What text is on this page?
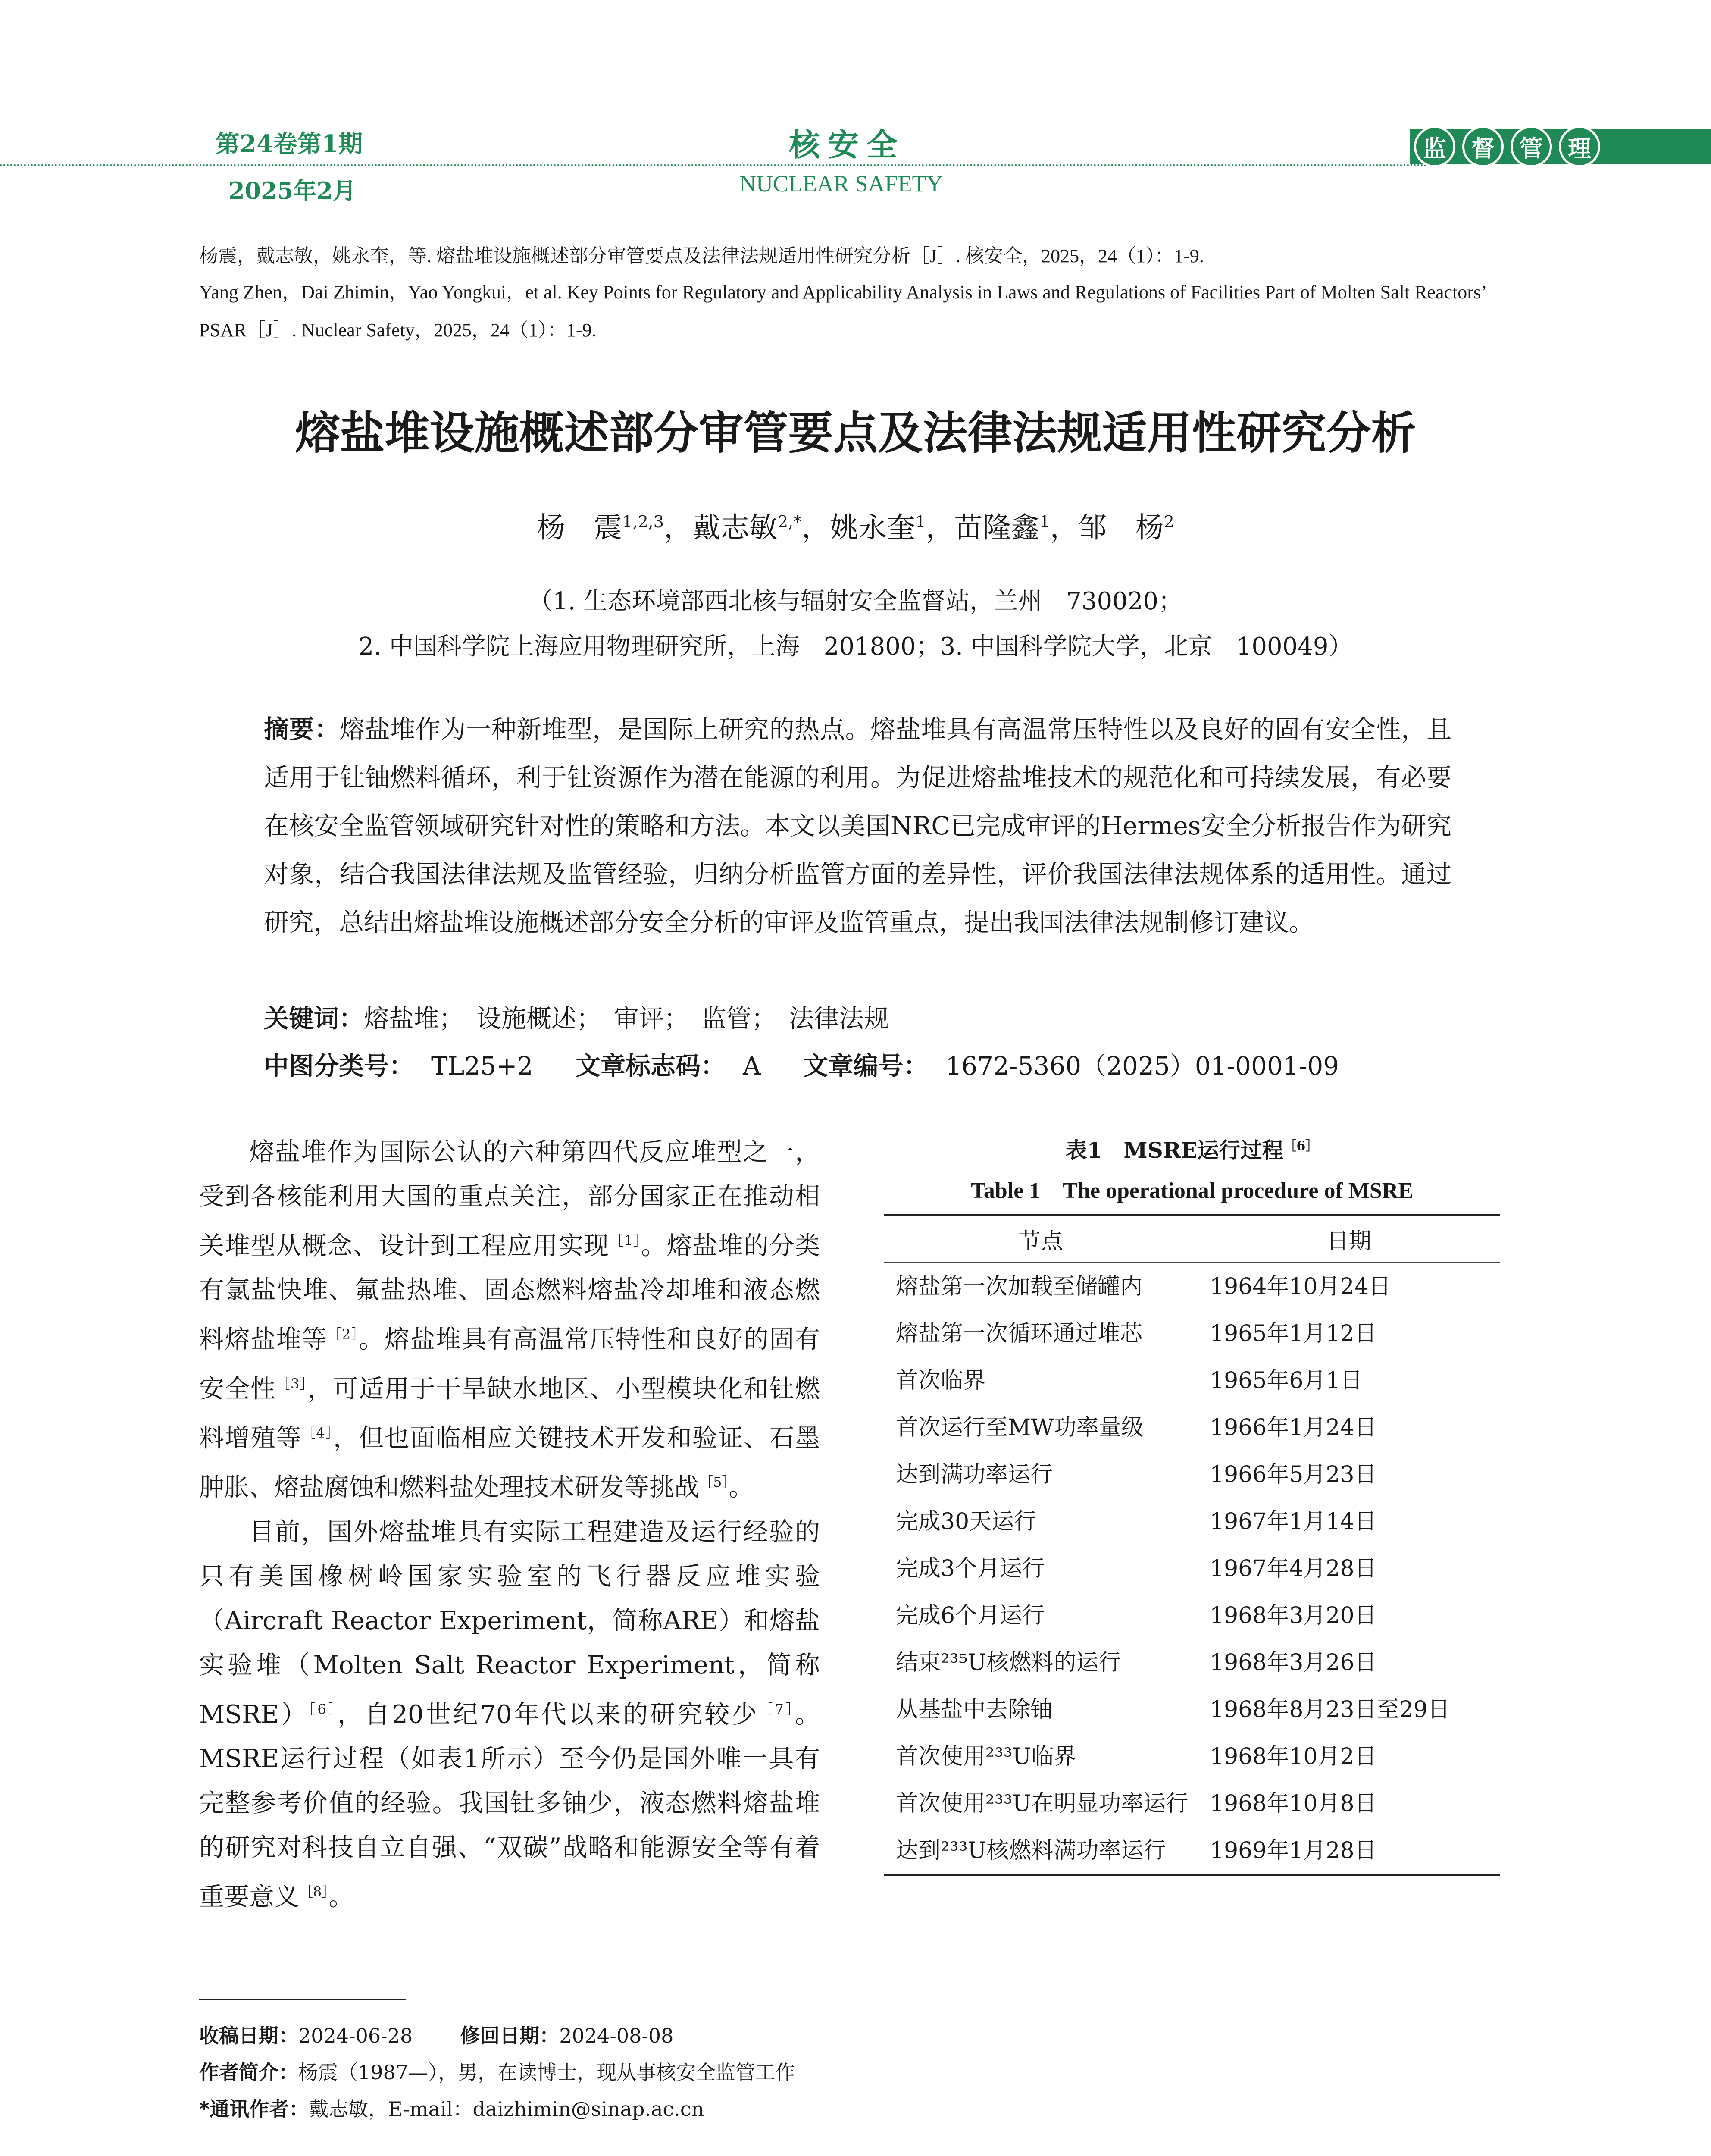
第24卷第1期
2025年2月
核安全
NUCLEAR SAFETY
监	督	管	理
杨震，戴志敏，姚永奎，等. 熔盐堆设施概述部分审管要点及法律法规适用性研究分析［J］. 核安全，2025，24（1）：1-9.
Yang Zhen，Dai Zhimin，Yao Yongkui，et al. Key Points for Regulatory and Applicability Analysis in Laws and Regulations of Facilities Part of Molten Salt Reactors’ PSAR［J］. Nuclear Safety，2025，24（1）：1-9.
熔盐堆设施概述部分审管要点及法律法规适用性研究分析
杨　震$^{1,2,3}$，戴志敏$^{2,*}$，姚永奎$^1$，苗隆鑫$^1$，邹　杨$^2$
（1. 生态环境部西北核与辐射安全监督站，兰州　730020；
2. 中国科学院上海应用物理研究所，上海　201800；3. 中国科学院大学，北京　100049）
摘要：熔盐堆作为一种新堆型，是国际上研究的热点。熔盐堆具有高温常压特性以及良好的固有安全性，且适用于钍铀燃料循环，利于钍资源作为潜在能源的利用。为促进熔盐堆技术的规范化和可持续发展，有必要在核安全监管领域研究针对性的策略和方法。本文以美国NRC已完成审评的Hermes安全分析报告作为研究对象，结合我国法律法规及监管经验，归纳分析监管方面的差异性，评价我国法律法规体系的适用性。通过研究，总结出熔盐堆设施概述部分安全分析的审评及监管重点，提出我国法律法规制修订建议。
关键词：熔盐堆；　设施概述；　审评；　监管；　法律法规
中图分类号： TL25+2 文章标志码： A 文章编号： 1672-5360（2025）01-0001-09

熔盐堆作为国际公认的六种第四代反应堆型之一，受到各核能利用大国的重点关注，部分国家正在推动相关堆型从概念、设计到工程应用实现$^{[1]}$。熔盐堆的分类有氯盐快堆、氟盐热堆、固态燃料熔盐冷却堆和液态燃料熔盐堆等$^{[2]}$。熔盐堆具有高温常压特性和良好的固有安全性$^{[3]}$，可适用于干旱缺水地区、小型模块化和钍燃料增殖等$^{[4]}$，但也面临相应关键技术开发和验证、石墨肿胀、熔盐腐蚀和燃料盐处理技术研发等挑战$^{[5]}$。

目前，国外熔盐堆具有实际工程建造及运行经验的只有美国橡树岭国家实验室的飞行器反应堆实验（Aircraft Reactor Experiment，简称ARE）和熔盐实验堆（Molten Salt Reactor Experiment，简称 MSRE）$^{[6]}$，自20世纪70年代以来的研究较少$^{[7]}$。MSRE运行过程（如表1所示）至今仍是国外唯一具有完整参考价值的经验。我国钍多铀少，液态燃料熔盐堆的研究对科技自立自强、“双碳”战略和能源安全等有着重要意义$^{[8]}$。

表1　MSRE运行过程$^{[6]}$
Table 1　The operational procedure of MSRE
节点	日期
熔盐第一次加载至储罐内	1964年10月24日
熔盐第一次循环通过堆芯	1965年1月12日
首次临界	1965年6月1日
首次运行至MW功率量级	1966年1月24日
达到满功率运行	1966年5月23日
完成30天运行	1967年1月14日
完成3个月运行	1967年4月28日
完成6个月运行	1968年3月20日
结束²³⁵U核燃料的运行	1968年3月26日
从基盐中去除铀	1968年8月23日至29日
首次使用²³³U临界	1968年10月2日
首次使用²³³U在明显功率运行	1968年10月8日
达到²³³U核燃料满功率运行	1969年1月28日
收稿日期：2024-06-28 修回日期：2024-08-08
作者简介：杨震（1987—），男，在读博士，现从事核安全监管工作
*通讯作者：戴志敏，E-mail：daizhimin@sinap.ac.cn
